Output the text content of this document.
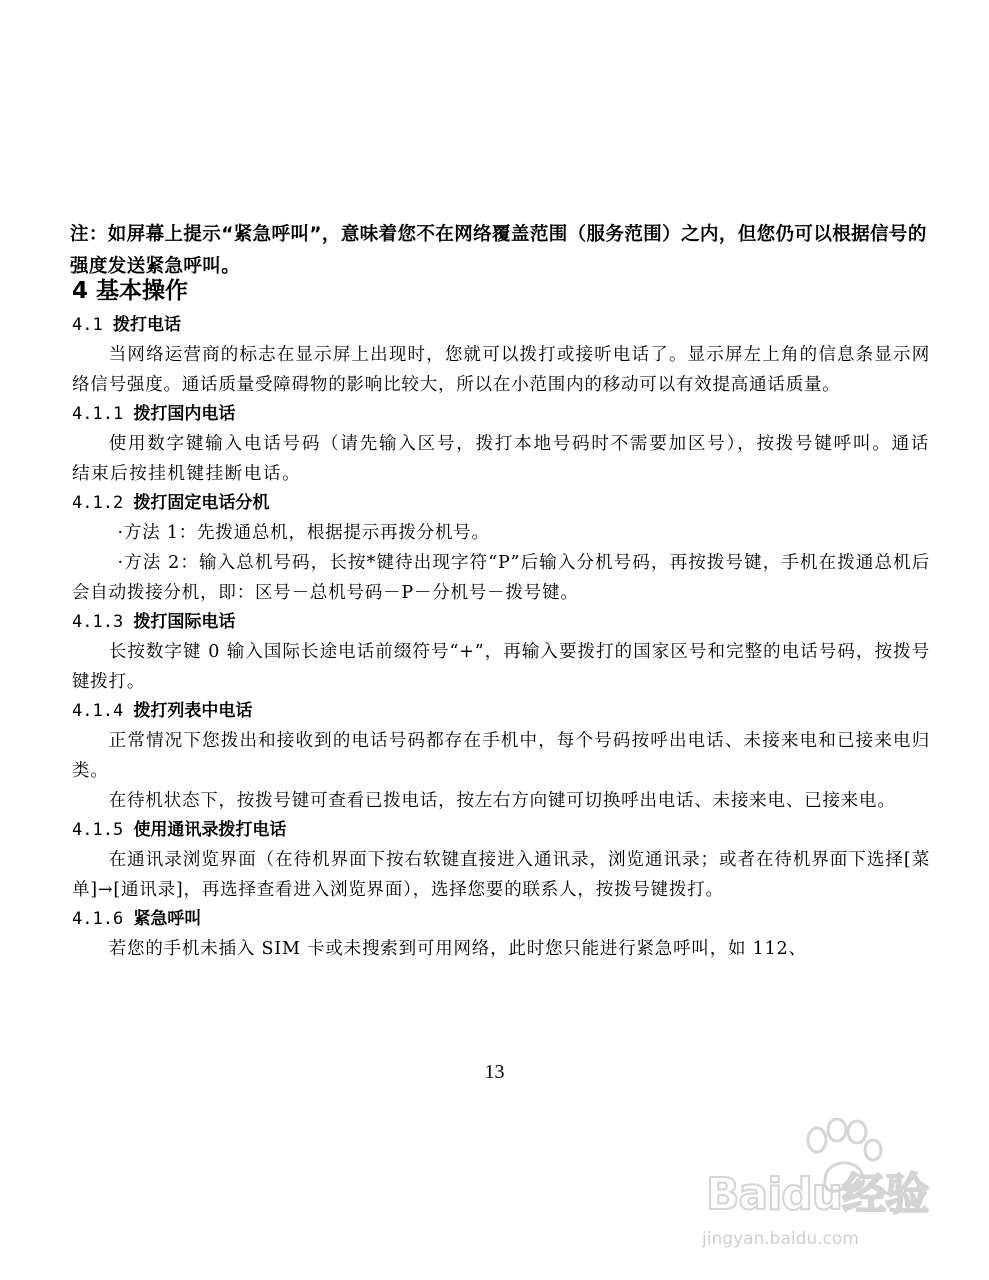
注：如屏幕上提示“紧急呼叫”，意味着您不在网络覆盖范围（服务范围）之内，但您仍可以根据信号的强度发送紧急呼叫。
4 基本操作
4.1 拨打电话
当网络运营商的标志在显示屏上出现时，您就可以拨打或接听电话了。显示屏左上角的信息条显示网络信号强度。通话质量受障碍物的影响比较大，所以在小范围内的移动可以有效提高通话质量。
4.1.1 拨打国内电话
使用数字键输入电话号码（请先输入区号，拨打本地号码时不需要加区号），按拨号键呼叫。通话结束后按挂机键挂断电话。
4.1.2 拨打固定电话分机
·方法 1：先拨通总机，根据提示再拨分机号。
·方法 2：输入总机号码，长按*键待出现字符“P”后输入分机号码，再按拨号键，手机在拨通总机后会自动拨接分机，即：区号－总机号码－P－分机号－拨号键。
4.1.3 拨打国际电话
长按数字键 0 输入国际长途电话前缀符号“+”，再输入要拨打的国家区号和完整的电话号码，按拨号键拨打。
4.1.4 拨打列表中电话
正常情况下您拨出和接收到的电话号码都存在手机中，每个号码按呼出电话、未接来电和已接来电归类。
在待机状态下，按拨号键可查看已拨电话，按左右方向键可切换呼出电话、未接来电、已接来电。
4.1.5 使用通讯录拨打电话
在通讯录浏览界面（在待机界面下按右软键直接进入通讯录，浏览通讯录；或者在待机界面下选择[菜单]→[通讯录]，再选择查看进入浏览界面），选择您要的联系人，按拨号键拨打。
4.1.6 紧急呼叫
若您的手机未插入 SIM 卡或未搜索到可用网络，此时您只能进行紧急呼叫，如 112、
13
Baidu经验
jingyan.baidu.com
